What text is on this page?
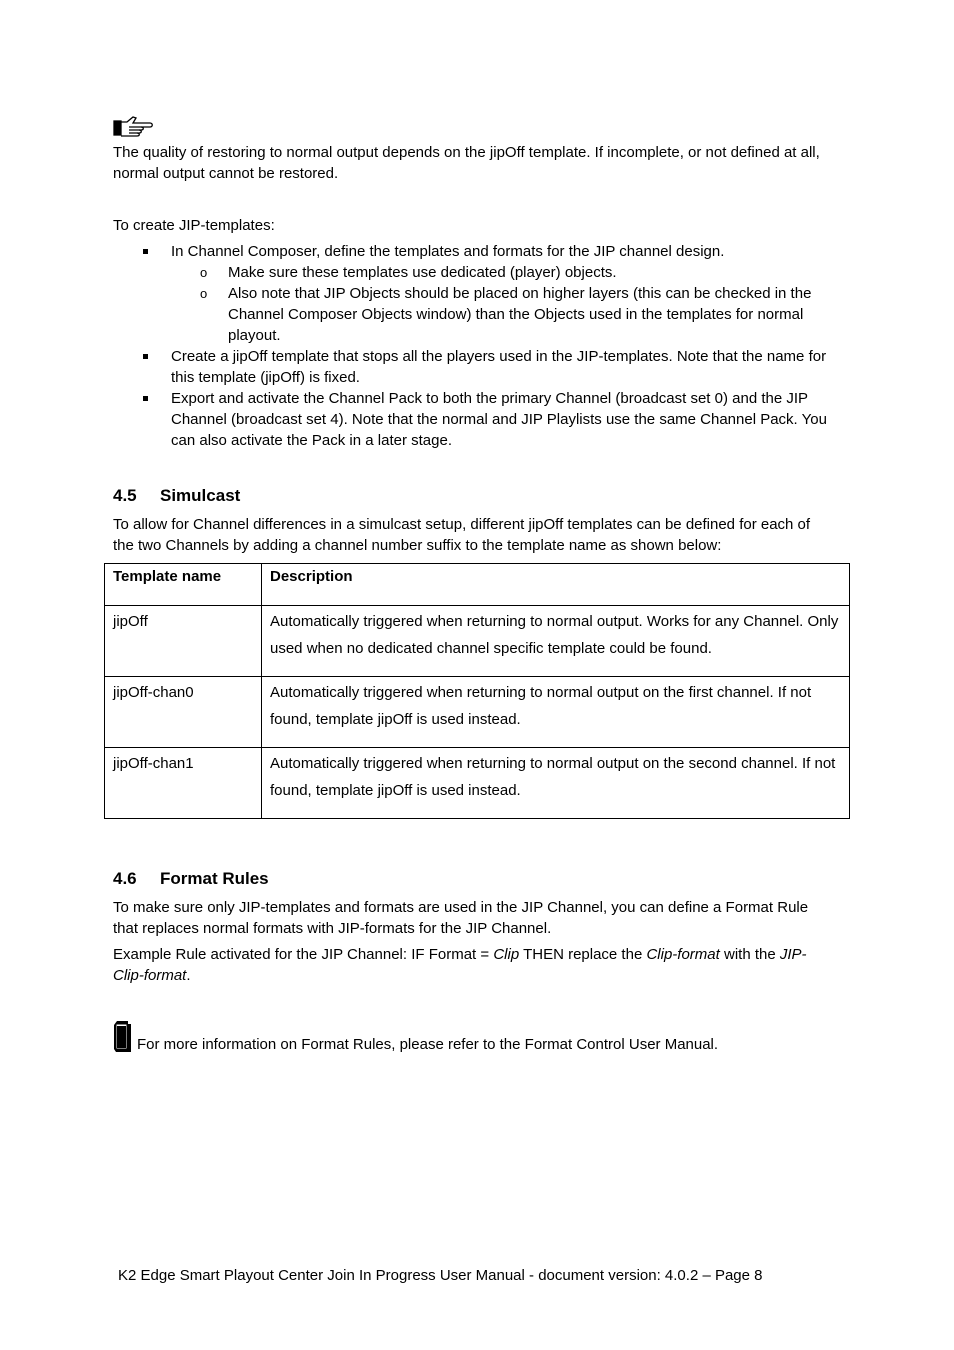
The quality of restoring to normal output depends on the jipOff template. If incomplete, or not defined at all, normal output cannot be restored.

To create JIP-templates:

In Channel Composer, define the templates and formats for the JIP channel design.
o Make sure these templates use dedicated (player) objects.
o Also note that JIP Objects should be placed on higher layers (this can be checked in the Channel Composer Objects window) than the Objects used in the templates for normal playout.
Create a jipOff template that stops all the players used in the JIP-templates. Note that the name for this template (jipOff) is fixed.
Export and activate the Channel Pack to both the primary Channel (broadcast set 0) and the JIP Channel (broadcast set 4). Note that the normal and JIP Playlists use the same Channel Pack. You can also activate the Pack in a later stage.
4.5 Simulcast

To allow for Channel differences in a simulcast setup, different jipOff templates can be defined for each of the two Channels by adding a channel number suffix to the template name as shown below:

Template name	Description
jipOff	Automatically triggered when returning to normal output. Works for any Channel. Only used when no dedicated channel specific template could be found.
jipOff-chan0	Automatically triggered when returning to normal output on the first channel. If not found, template jipOff is used instead.
jipOff-chan1	Automatically triggered when returning to normal output on the second channel. If not found, template jipOff is used instead.
4.6 Format Rules

To make sure only JIP-templates and formats are used in the JIP Channel, you can define a Format Rule that replaces normal formats with JIP-formats for the JIP Channel.

Example Rule activated for the JIP Channel: IF Format = Clip THEN replace the Clip-format with the JIP-Clip-format.

For more information on Format Rules, please refer to the Format Control User Manual.

K2 Edge Smart Playout Center Join In Progress User Manual - document version: 4.0.2 – Page 8
